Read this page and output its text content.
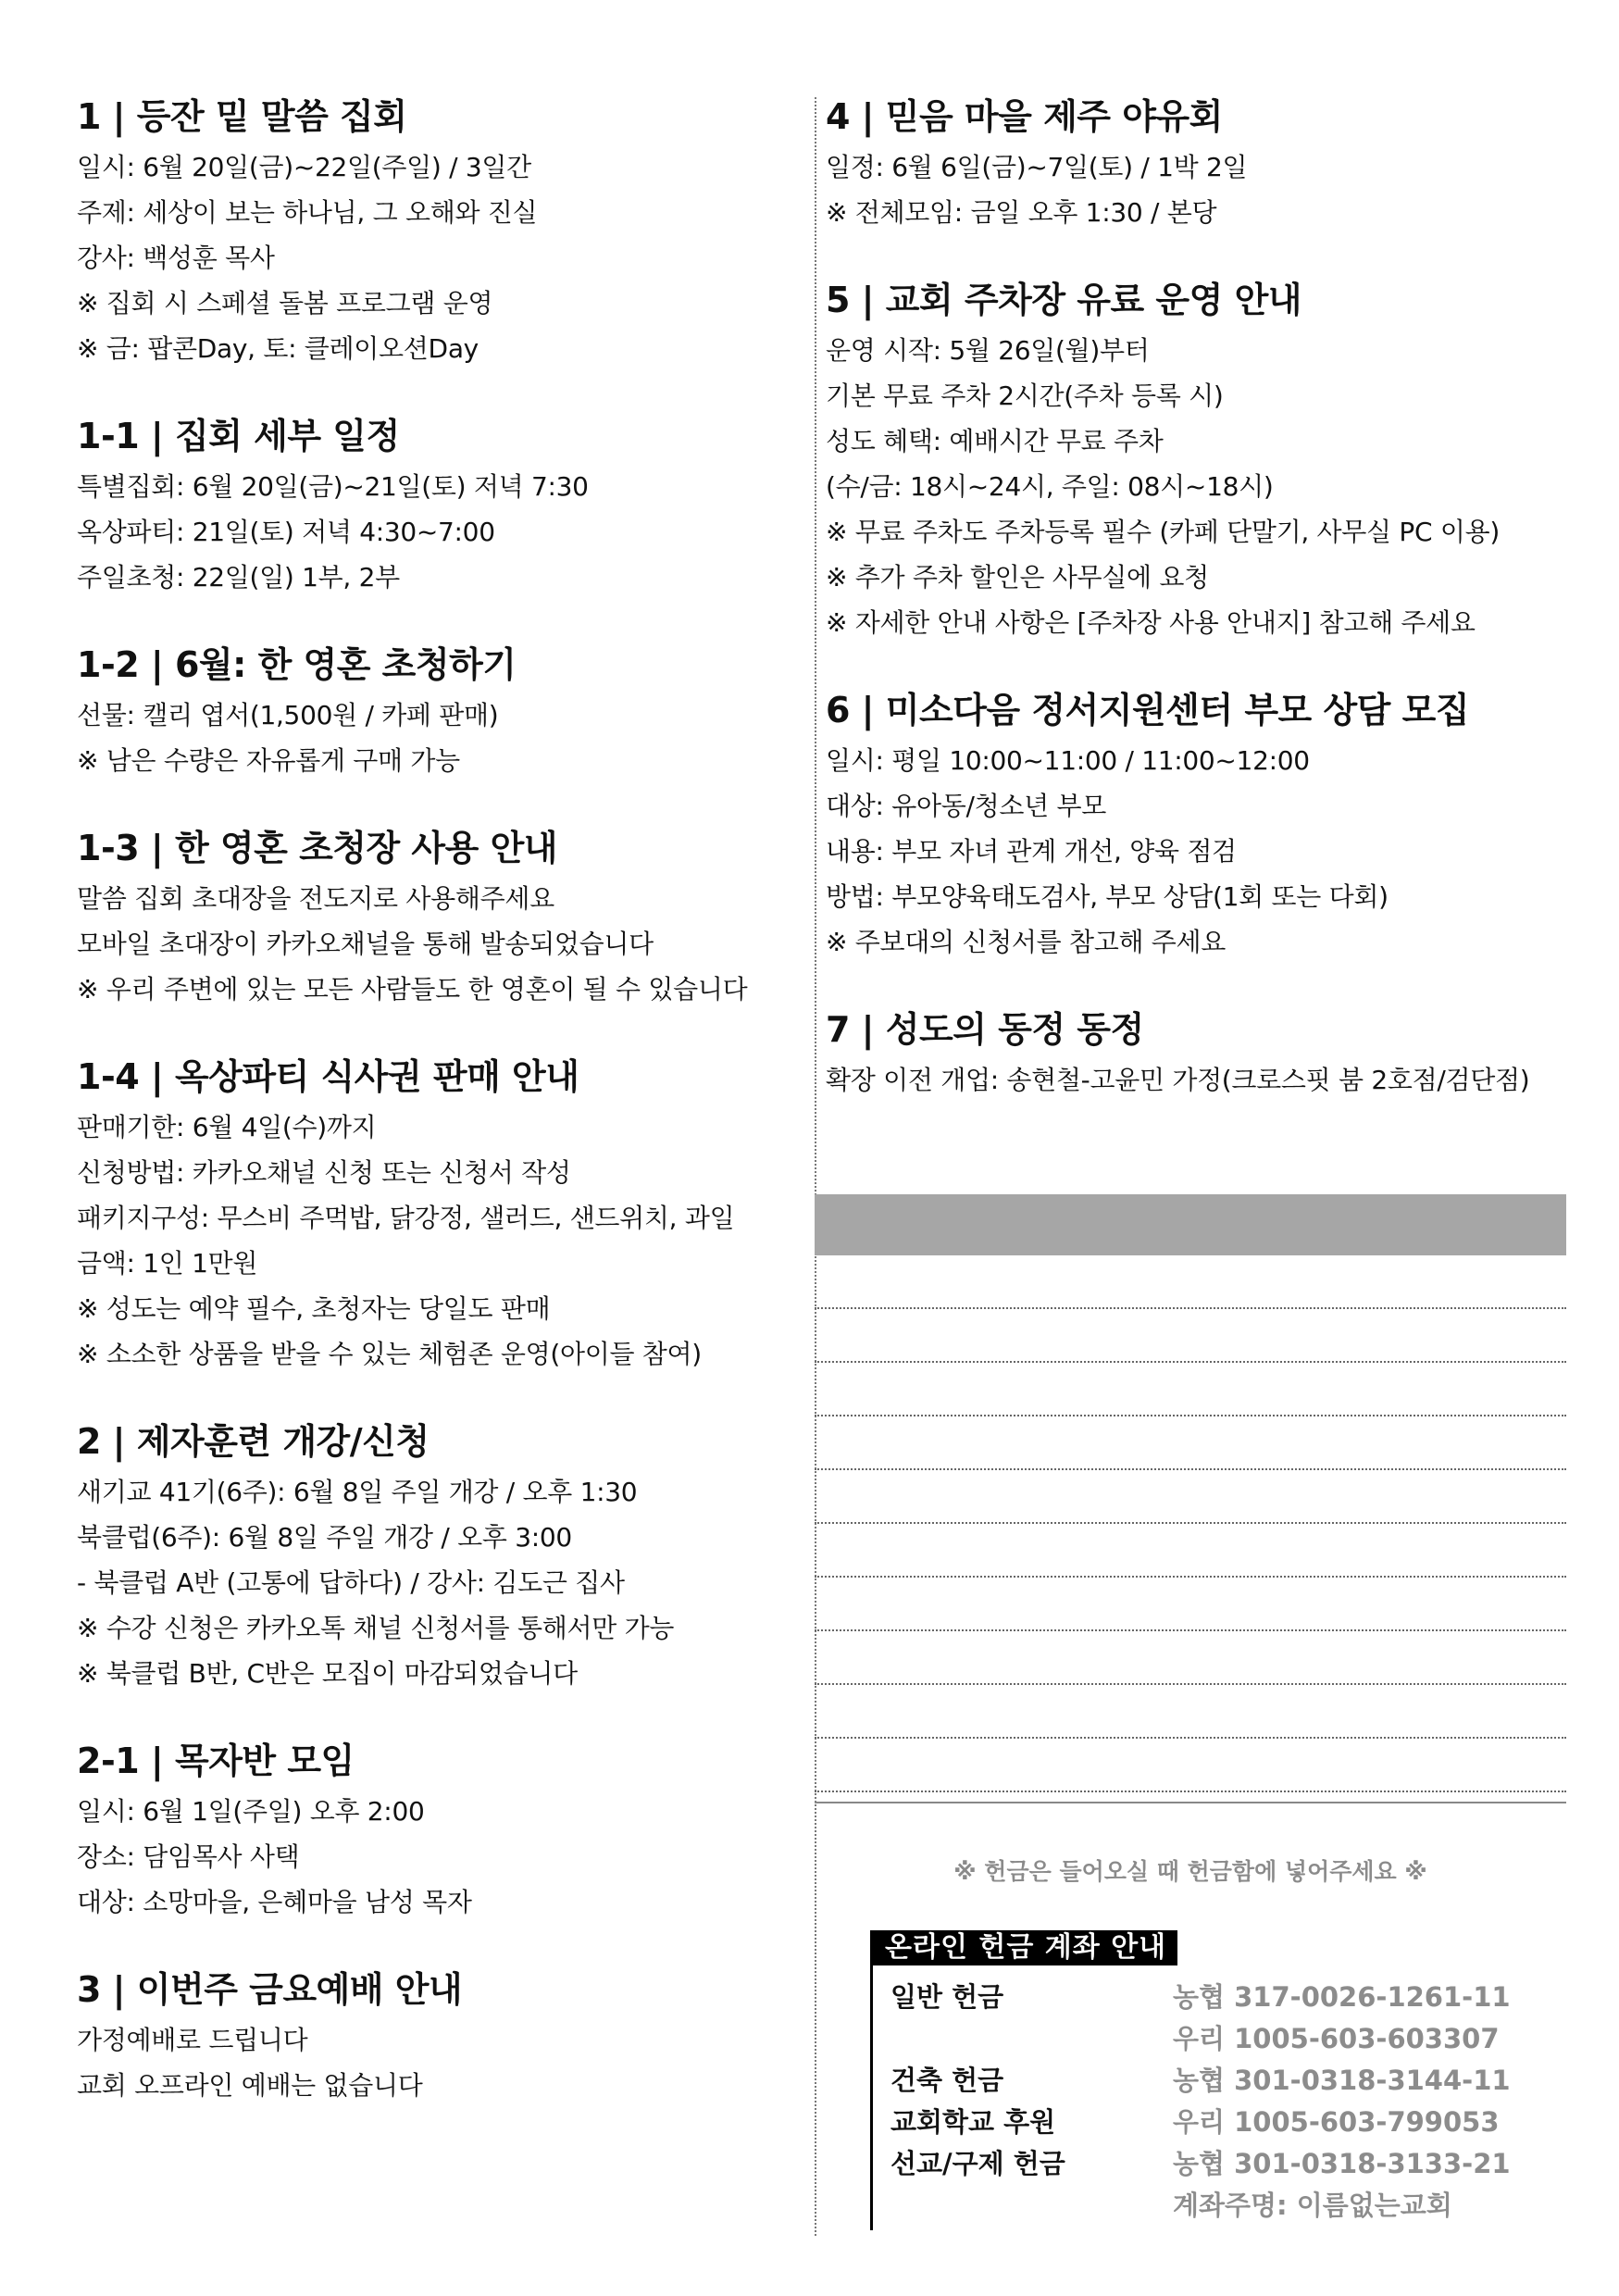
1 | 등잔 밑 말씀 집회
일시: 6월 20일(금)~22일(주일) / 3일간
주제: 세상이 보는 하나님, 그 오해와 진실
강사: 백성훈 목사
※ 집회 시 스페셜 돌봄 프로그램 운영
※ 금: 팝콘Day, 토: 클레이오션Day
1-1 | 집회 세부 일정
특별집회: 6월 20일(금)~21일(토) 저녁 7:30
옥상파티: 21일(토) 저녁 4:30~7:00
주일초청: 22일(일) 1부, 2부
1-2 | 6월: 한 영혼 초청하기
선물: 캘리 엽서(1,500원 / 카페 판매)
※ 남은 수량은 자유롭게 구매 가능
1-3 | 한 영혼 초청장 사용 안내
말씀 집회 초대장을 전도지로 사용해주세요
모바일 초대장이 카카오채널을 통해 발송되었습니다
※ 우리 주변에 있는 모든 사람들도 한 영혼이 될 수 있습니다
1-4 | 옥상파티 식사권 판매 안내
판매기한: 6월 4일(수)까지
신청방법: 카카오채널 신청 또는 신청서 작성
패키지구성: 무스비 주먹밥, 닭강정, 샐러드, 샌드위치, 과일
금액: 1인 1만원
※ 성도는 예약 필수, 초청자는 당일도 판매
※ 소소한 상품을 받을 수 있는 체험존 운영(아이들 참여)
2 | 제자훈련 개강/신청
새기교 41기(6주): 6월 8일 주일 개강 / 오후 1:30
북클럽(6주): 6월 8일 주일 개강 / 오후 3:00
- 북클럽 A반 (고통에 답하다) / 강사: 김도근 집사
※ 수강 신청은 카카오톡 채널 신청서를 통해서만 가능
※ 북클럽 B반, C반은 모집이 마감되었습니다
2-1 | 목자반 모임
일시: 6월 1일(주일) 오후 2:00
장소: 담임목사 사택
대상: 소망마을, 은혜마을 남성 목자
3 | 이번주 금요예배 안내
가정예배로 드립니다
교회 오프라인 예배는 없습니다
4 | 믿음 마을 제주 야유회
일정: 6월 6일(금)~7일(토) / 1박 2일
※ 전체모임: 금일 오후 1:30 / 본당
5 | 교회 주차장 유료 운영 안내
운영 시작: 5월 26일(월)부터
기본 무료 주차 2시간(주차 등록 시)
성도 혜택: 예배시간 무료 주차
(수/금: 18시~24시, 주일: 08시~18시)
※ 무료 주차도 주차등록 필수 (카페 단말기, 사무실 PC 이용)
※ 추가 주차 할인은 사무실에 요청
※ 자세한 안내 사항은 [주차장 사용 안내지] 참고해 주세요
6 | 미소다음 정서지원센터 부모 상담 모집
일시: 평일 10:00~11:00 / 11:00~12:00
대상: 유아동/청소년 부모
내용: 부모 자녀 관계 개선, 양육 점검
방법: 부모양육태도검사, 부모 상담(1회 또는 다회)
※ 주보대의 신청서를 참고해 주세요
7 | 성도의 동정 동정
확장 이전 개업: 송현철-고윤민 가정(크로스핏 붐 2호점/검단점)
※ 헌금은 들어오실 때 헌금함에 넣어주세요 ※
온라인 헌금 계좌 안내
일반 헌금	농협 317-0026-1261-11
우리 1005-603-603307
건축 헌금	농협 301-0318-3144-11
교회학교 후원	우리 1005-603-799053
선교/구제 헌금	농협 301-0318-3133-21
계좌주명: 이름없는교회
